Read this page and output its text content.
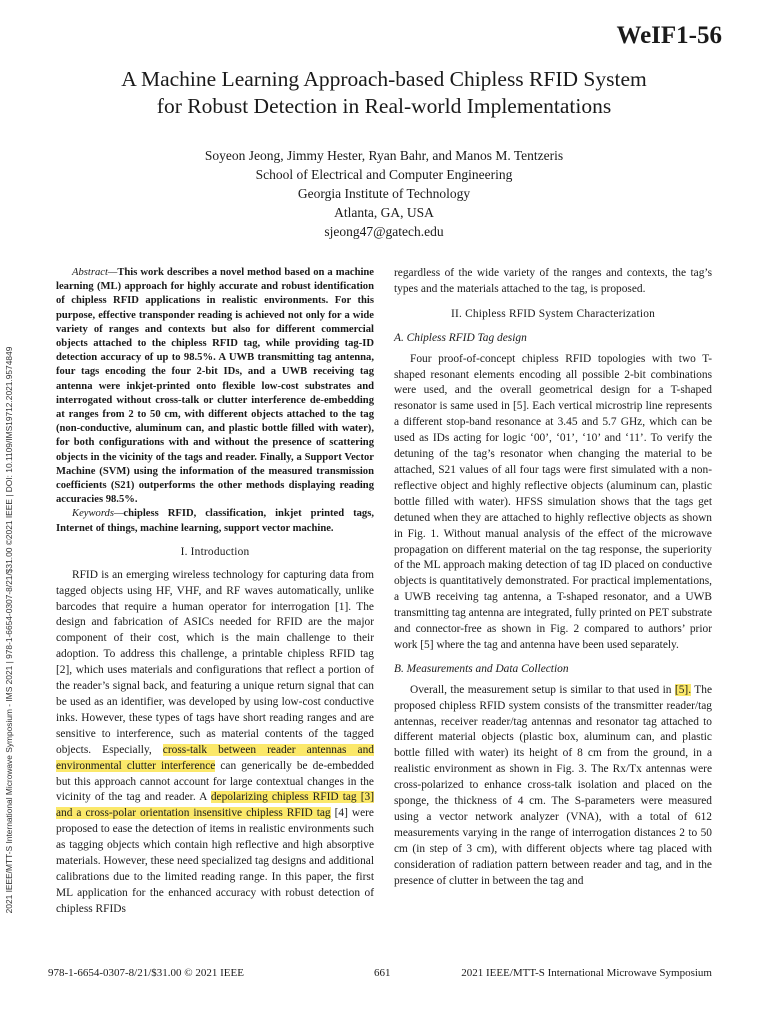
WeIF1-56
A Machine Learning Approach-based Chipless RFID System
for Robust Detection in Real-world Implementations
Soyeon Jeong, Jimmy Hester, Ryan Bahr, and Manos M. Tentzeris
School of Electrical and Computer Engineering
Georgia Institute of Technology
Atlanta, GA, USA
sjeong47@gatech.edu
2021 IEEE/MTT-S International Microwave Symposium - IMS 2021 | 978-1-6654-0307-8/21/$31.00 ©2021 IEEE | DOI: 10.1109/IMS19712.2021.9574849

Abstract—This work describes a novel method based on a machine learning (ML) approach for highly accurate and robust identification of chipless RFID applications in realistic environments. For this purpose, effective transponder reading is achieved not only for a wide variety of ranges and contexts but also for different commercial objects attached to the chipless RFID tag, while providing tag-ID detection accuracy of up to 98.5%. A UWB transmitting tag antenna, four tags encoding the four 2-bit IDs, and a UWB receiving tag antenna were inkjet-printed onto flexible low-cost substrates and interrogated without cross-talk or clutter interference de-embedding at ranges from 2 to 50 cm, with different objects attached to the tag (non-conductive, aluminum can, and plastic bottle filled with water), for both configurations with and without the presence of scattering objects in the vicinity of the tags and reader. Finally, a Support Vector Machine (SVM) using the information of the measured transmission coefficients (S21) outperforms the other methods displaying reading accuracies 98.5%.

Keywords—chipless RFID, classification, inkjet printed tags, Internet of things, machine learning, support vector machine.

I. Introduction

RFID is an emerging wireless technology for capturing data from tagged objects using HF, VHF, and RF waves automatically, unlike barcodes that require a human operator for interrogation [1]. The design and fabrication of ASICs needed for RFID are the major component of their cost, which is the main challenge to their adoption. To address this challenge, a printable chipless RFID tag [2], which uses materials and configurations that reflect a portion of the reader’s signal back, and featuring a unique return signal that can be used as an identifier, was developed by using low-cost conductive inks. However, these types of tags have short reading ranges and are sensitive to interference, such as material contents of the tagged objects. Especially, cross-talk between reader antennas and environmental clutter interference can generically be de-embedded but this approach cannot account for large contextual changes in the vicinity of the tag and reader. A depolarizing chipless RFID tag [3] and a cross-polar orientation insensitive chipless RFID tag [4] were proposed to ease the detection of items in realistic environments such as tagging objects which contain high reflective and high absorptive materials. However, these need specialized tag designs and additional calibrations due to the limited reading range. In this paper, the first ML application for the enhanced accuracy with robust detection of chipless RFIDs

regardless of the wide variety of the ranges and contexts, the tag’s types and the materials attached to the tag, is proposed.

II. Chipless RFID System Characterization
A. Chipless RFID Tag design

Four proof-of-concept chipless RFID topologies with two T-shaped resonant elements encoding all possible 2-bit combinations were used, and the overall geometrical design for a T-shaped resonator is same used in [5]. Each vertical microstrip line represents a different stop-band resonance at 3.45 and 5.7 GHz, which can be used as IDs acting for logic ‘00’, ‘01’, ‘10’ and ‘11’. To verify the detuning of the tag’s resonator when changing the material to be attached, S21 values of all four tags were first simulated with a non-reflective object and highly reflective objects (aluminum can, plastic bottle filled with water). HFSS simulation shows that the tags get detuned when they are attached to highly reflective objects as shown in Fig. 1. Without manual analysis of the effect of the microwave propagation on different material on the tag response, the superiority of the ML approach making detection of tag ID placed on conductive objects is quantitatively demonstrated. For practical implementations, a UWB receiving tag antenna, a T-shaped resonator, and a UWB transmitting tag antenna are integrated, fully printed on PET substrate and connector-free as shown in Fig. 2 compared to authors’ prior work [5] where the tag and antenna have been used separately.

B. Measurements and Data Collection

Overall, the measurement setup is similar to that used in [5]. The proposed chipless RFID system consists of the transmitter reader/tag antennas, receiver reader/tag antennas and resonator tag attached to different material objects (plastic box, aluminum can, and plastic bottle filled with water) its height of 8 cm from the ground, in a realistic environment as shown in Fig. 3. The Rx/Tx antennas were cross-polarized to enhance cross-talk isolation and placed on the sponge, the thickness of 4 cm. The S-parameters were measured using a vector network analyzer (VNA), with a total of 612 measurements varying in the range of interrogation distances 2 to 50 cm (in step of 3 cm), with different objects where tag placed with consideration of radiation pattern between reader and tag, and in the presence of clutter in between the tag and

978-1-6654-0307-8/21/$31.00 © 2021 IEEE	661	2021 IEEE/MTT-S International Microwave Symposium
